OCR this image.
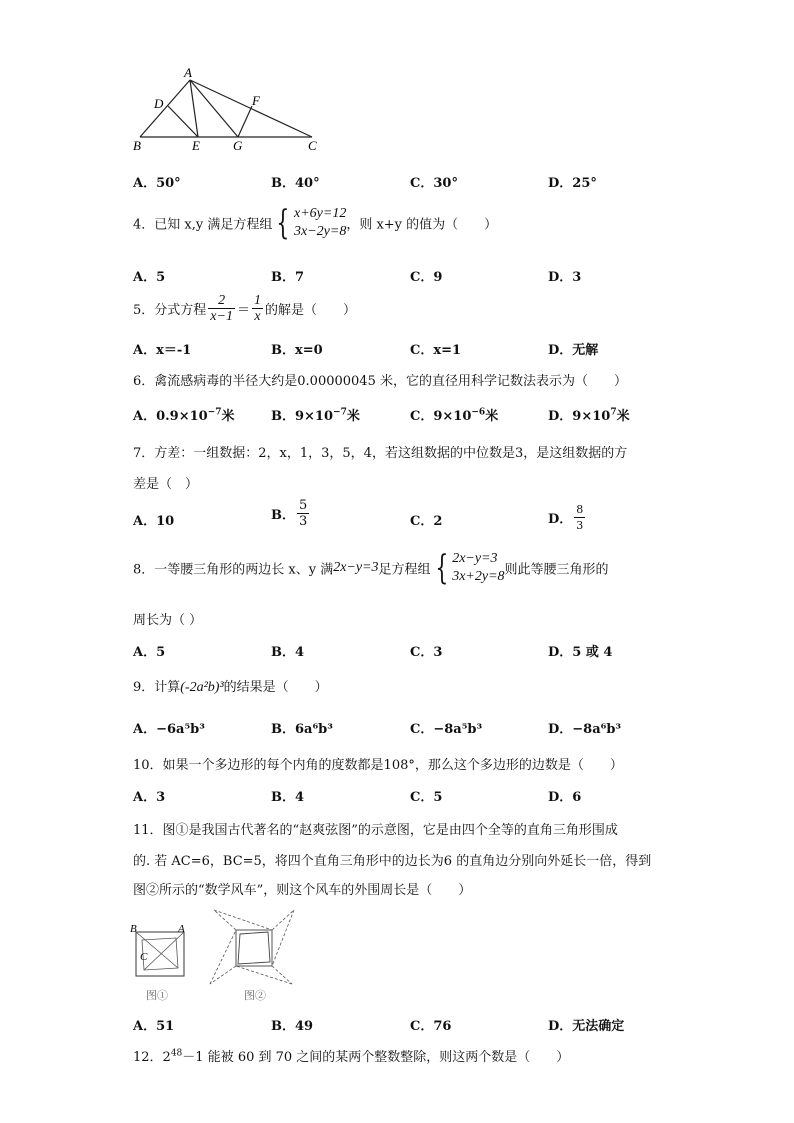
A
D	F
B	E	G	C
A．50°	B．40°	C．30°	D．25°
4．已知 x,y 满足方程组 { x+6y=12
3x−2y=8 ，则 x+y 的值为（　　）
A．5	B．7	C．9	D．3
5．分式方程 $\frac{2}{x-1} = \frac{1}{x}$ 的解是（　　）
A．x＝-1	B．x=0	C．x=1	D．无解
6．禽流感病毒的半径大约是0.00000045 米，它的直径用科学记数法表示为（　　）
A．$0.9\times 10^{-7}$米	B．$9\times 10^{-7}$米	C．$9\times 10^{-6}$米	D．$9\times 10^7$米
7．方差：一组数据：2，x，1，3，5，4，若这组数据的中位数是3，是这组数据的方
差是（　）
A．10	B． $\frac{5}{3}$	C．2	D． $\frac{8}{3}$
8．一等腰三角形的两边长 x、y 满2x−y=3足方程组 { 2x−y=3
3x+2y=8 则此等腰三角形的
周长为（ ）
A．5	B．4	C．3	D．5 或 4
9．计算(-2a²b)³的结果是（　　）
A．−6a⁵b³	B．6a⁶b³	C．−8a⁵b³	D．−8a⁶b³
10．如果一个多边形的每个内角的度数都是108°，那么这个多边形的边数是（　　）
A．3	B．4	C．5	D．6
11．图①是我国古代著名的“赵爽弦图”的示意图，它是由四个全等的直角三角形围成
的. 若 AC=6，BC=5，将四个直角三角形中的边长为6 的直角边分别向外延长一倍，得到
图②所示的“数学风车”，则这个风车的外围周长是（　　）
B	A
C
图①	图②
A．51	B．49	C．76	D．无法确定
12．$2^{48}-1$ 能被 60 到 70 之间的某两个整数整除，则这两个数是（　　）
